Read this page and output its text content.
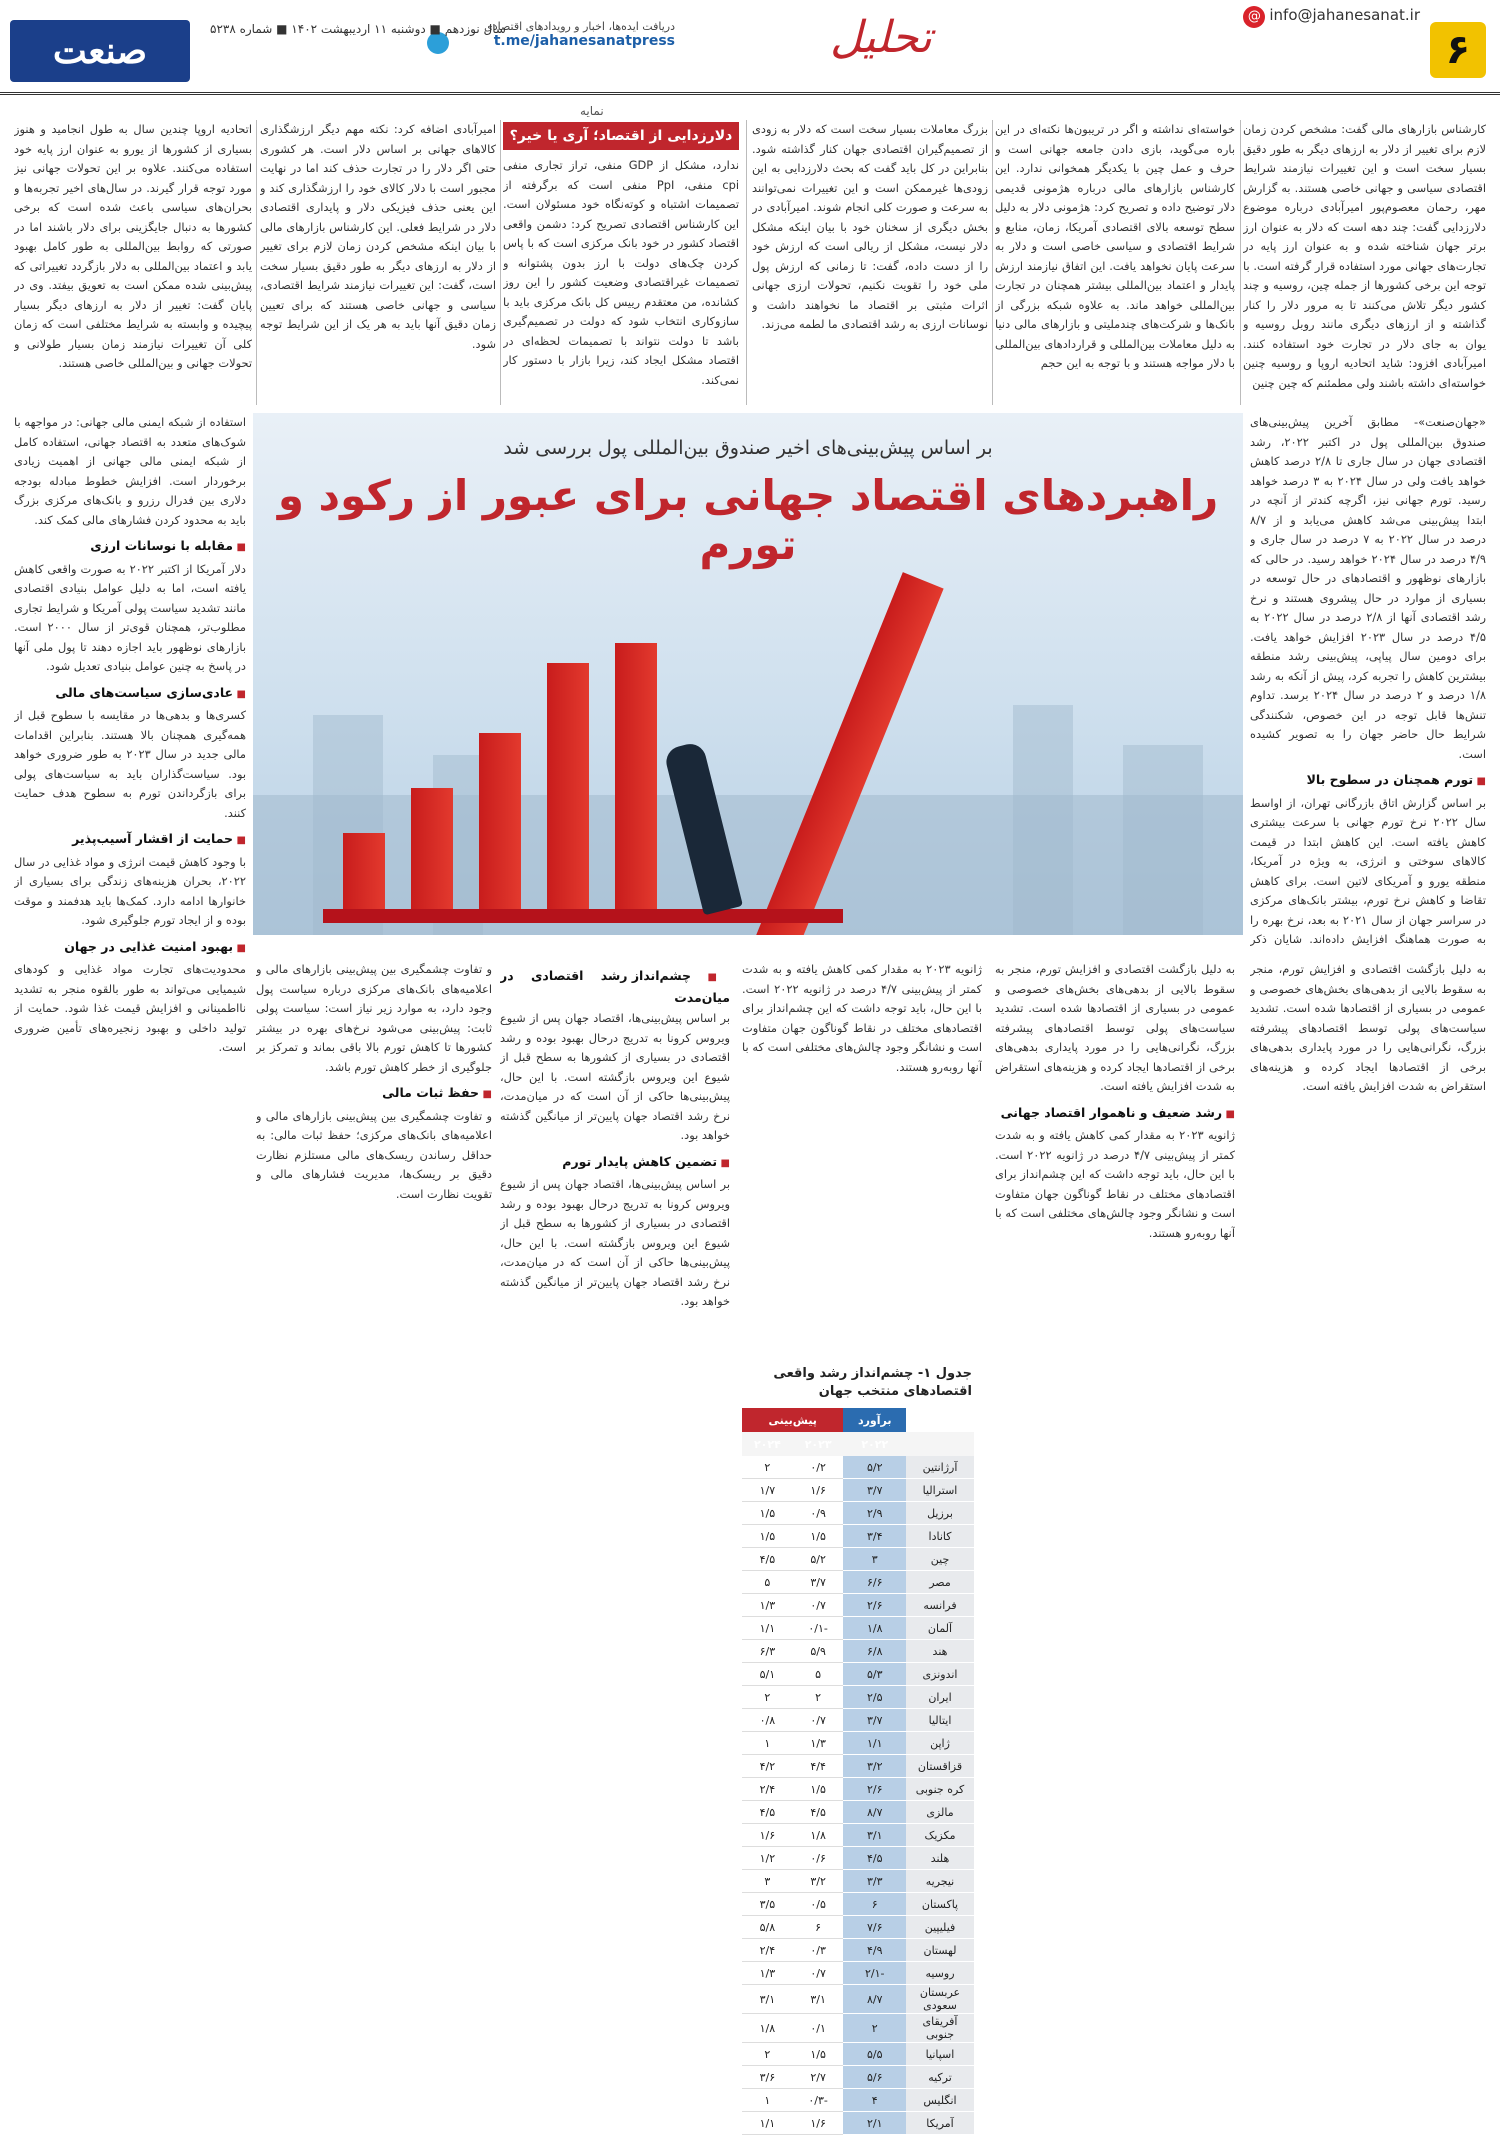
۶
@ info@jahanesanat.ir
تحلیل
دریافت ایده‌ها، اخبار و رویدادهای اقتصادی
t.me/jahanesanatpress
سال نوزدهم ■ دوشنبه ۱۱ اردیبهشت ۱۴۰۲ ■ شماره ۵۲۳۸
صنعت
نمایه
دلارزدایی از اقتصاد؛ آری یا خیر؟	کارشناس بازارهای مالی گفت: مشخص کردن زمان لازم برای تغییر از دلار به ارزهای دیگر به طور دقیق بسیار سخت است و این تغییرات نیازمند شرایط اقتصادی سیاسی و جهانی خاصی هستند. به گزارش مهر، رحمان معصوم‌پور امیرآبادی درباره موضوع دلارزدایی گفت: چند دهه است که دلار به عنوان ارز برتر جهان شناخته شده و به عنوان ارز پایه در تجارت‌های جهانی مورد استفاده قرار گرفته است. با توجه این برخی کشورها از جمله چین، روسیه و چند کشور دیگر تلاش می‌کنند تا به مرور دلار را کنار گذاشته و از ارزهای دیگری مانند روبل روسیه و یوان به جای دلار در تجارت خود استفاده کنند. امیرآبادی افزود: شاید اتحادیه اروپا و روسیه چنین خواسته‌ای داشته باشند ولی مطمئنم که چین چنین

خواسته‌ای نداشته و اگر در تریبون‌ها نکته‌ای در این باره می‌گوید، بازی دادن جامعه جهانی است و حرف و عمل چین با یکدیگر همخوانی ندارد. این کارشناس بازارهای مالی درباره هژمونی قدیمی دلار توضیح داده و تصریح کرد: هژمونی دلار به دلیل سطح توسعه بالای اقتصادی آمریکا، زمان، منابع و شرایط اقتصادی و سیاسی خاصی است و دلار به سرعت پایان نخواهد یافت. این اتفاق نیازمند ارزش پایدار و اعتماد بین‌المللی بیشتر همچنان در تجارت بین‌المللی خواهد ماند. به علاوه شبکه بزرگی از بانک‌ها و شرکت‌های چندملیتی و بازارهای مالی دنیا به دلیل معاملات بین‌المللی و قراردادهای بین‌المللی با دلار مواجه هستند و با توجه به این حجم

بزرگ معاملات بسیار سخت است که دلار به زودی از تصمیم‌گیران اقتصادی جهان کنار گذاشته شود. بنابراین در کل باید گفت که بحث دلارزدایی به این زودی‌ها غیرممکن است و این تغییرات نمی‌توانند به سرعت و صورت کلی انجام شوند. امیرآبادی در بخش دیگری از سخنان خود با بیان اینکه مشکل دلار نیست، مشکل از ریالی است که ارزش خود را از دست داده، گفت: تا زمانی که ارزش پول ملی خود را تقویت نکنیم، تحولات ارزی جهانی اثرات مثبتی بر اقتصاد ما نخواهند داشت و نوسانات ارزی به رشد اقتصادی ما لطمه می‌زند.

ندارد، مشکل از GDP منفی، تراز تجاری منفی cpi منفی، PpI منفی است که برگرفته از تصمیمات اشتباه و کوته‌نگاه خود مسئولان است. این کارشناس اقتصادی تصریح کرد: دشمن واقعی اقتصاد کشور در خود بانک مرکزی است که با پاس کردن چک‌های دولت با ارز بدون پشتوانه و تصمیمات غیراقتصادی وضعیت کشور را این روز کشانده، من معتقدم رییس کل بانک مرکزی باید با سازوکاری انتخاب شود که دولت در تصمیم‌گیری باشد تا دولت نتواند با تصمیمات لحظه‌ای در اقتصاد مشکل ایجاد کند، زیرا بازار با دستور کار نمی‌کند.

امیرآبادی اضافه کرد: نکته مهم دیگر ارزشگذاری کالاهای جهانی بر اساس دلار است. هر کشوری حتی اگر دلار را در تجارت حذف کند اما در نهایت مجبور است با دلار کالای خود را ارزشگذاری کند و این یعنی حذف فیزیکی دلار و پایداری اقتصادی دلار در شرایط فعلی. این کارشناس بازارهای مالی با بیان اینکه مشخص کردن زمان لازم برای تغییر از دلار به ارزهای دیگر به طور دقیق بسیار سخت است، گفت: این تغییرات نیازمند شرایط اقتصادی، سیاسی و جهانی خاصی هستند که برای تعیین زمان دقیق آنها باید به هر یک از این شرایط توجه شود.

اتحادیه اروپا چندین سال به طول انجامید و هنوز بسیاری از کشورها از یورو به عنوان ارز پایه خود استفاده می‌کنند. علاوه بر این تحولات جهانی نیز مورد توجه قرار گیرند. در سال‌های اخیر تجربه‌ها و بحران‌های سیاسی باعث شده است که برخی کشورها به دنبال جایگزینی برای دلار باشند اما در صورتی که روابط بین‌المللی به طور کامل بهبود یابد و اعتماد بین‌المللی به دلار بازگردد تغییراتی که پیش‌بینی شده ممکن است به تعویق بیفتد. وی در پایان گفت: تغییر از دلار به ارزهای دیگر بسیار پیچیده و وابسته به شرایط مختلفی است که زمان کلی آن تغییرات نیازمند زمان بسیار طولانی و تحولات جهانی و بین‌المللی خاصی هستند.

بر اساس پیش‌بینی‌های اخیر صندوق بین‌المللی پول بررسی شد
راهبردهای اقتصاد جهانی برای عبور از رکود و تورم

«جهان‌صنعت»- مطابق آخرین پیش‌بینی‌های صندوق بین‌المللی پول در اکتبر ۲۰۲۲، رشد اقتصادی جهان در سال جاری تا ۲/۸ درصد کاهش خواهد یافت ولی در سال ۲۰۲۴ به ۳ درصد خواهد رسید. تورم جهانی نیز، اگرچه کندتر از آنچه در ابتدا پیش‌بینی می‌شد کاهش می‌یابد و از ۸/۷ درصد در سال ۲۰۲۲ به ۷ درصد در سال جاری و ۴/۹ درصد در سال ۲۰۲۴ خواهد رسید. در حالی که بازارهای نوظهور و اقتصادهای در حال توسعه در بسیاری از موارد در حال پیشروی هستند و نرخ رشد اقتصادی آنها از ۲/۸ درصد در سال ۲۰۲۲ به ۴/۵ درصد در سال ۲۰۲۳ افزایش خواهد یافت. برای دومین سال پیاپی، پیش‌بینی رشد منطقه بیشترین کاهش را تجربه کرد، پیش از آنکه به رشد ۱/۸ درصد و ۲ درصد در سال ۲۰۲۴ برسد. تداوم تنش‌ها قابل توجه در این خصوص، شکنندگی شرایط حال حاضر جهان را به تصویر کشیده است.

■ تورم همچنان در سطوح بالا

بر اساس گزارش اتاق بازرگانی تهران، از اواسط سال ۲۰۲۲ نرخ تورم جهانی با سرعت بیشتری کاهش یافته است. این کاهش ابتدا در قیمت کالاهای سوختی و انرژی، به ویژه در آمریکا، منطقه یورو و آمریکای لاتین است. برای کاهش تقاضا و کاهش نرخ تورم، بیشتر بانک‌های مرکزی در سراسر جهان از سال ۲۰۲۱ به بعد، نرخ بهره را به صورت هماهنگ افزایش داده‌اند. شایان ذکر

استفاده از شبکه ایمنی مالی جهانی: در مواجهه با شوک‌های متعدد به اقتصاد جهانی، استفاده کامل از شبکه ایمنی مالی جهانی از اهمیت زیادی برخوردار است. افزایش خطوط مبادله بودجه دلاری بین فدرال رزرو و بانک‌های مرکزی بزرگ باید به محدود کردن فشارهای مالی کمک کند.

■ مقابله با نوسانات ارزی

دلار آمریکا از اکتبر ۲۰۲۲ به صورت واقعی کاهش یافته است، اما به دلیل عوامل بنیادی اقتصادی مانند تشدید سیاست پولی آمریکا و شرایط تجاری مطلوب‌تر، همچنان قوی‌تر از سال ۲۰۰۰ است. بازارهای نوظهور باید اجازه دهند تا پول ملی آنها در پاسخ به چنین عوامل بنیادی تعدیل شود.

■ عادی‌سازی سیاست‌های مالی

کسری‌ها و بدهی‌ها در مقایسه با سطوح قبل از همه‌گیری همچنان بالا هستند. بنابراین اقدامات مالی جدید در سال ۲۰۲۳ به طور ضروری خواهد بود. سیاست‌گذاران باید به سیاست‌های پولی برای بازگرداندن تورم به سطوح هدف حمایت کنند.

■ حمایت از اقشار آسیب‌پذیر

با وجود کاهش قیمت انرژی و مواد غذایی در سال ۲۰۲۲، بحران هزینه‌های زندگی برای بسیاری از خانوارها ادامه دارد. کمک‌ها باید هدفمند و موقت بوده و از ایجاد تورم جلوگیری شود.

■ بهبود امنیت غذایی در جهان

محدودیت‌های تجارت مواد غذایی و کودهای شیمیایی می‌تواند به طور بالقوه منجر به تشدید نااطمینانی و افزایش قیمت غذا شود. حمایت از تولید داخلی و بهبود زنجیره‌های تأمین ضروری است.

به دلیل بازگشت اقتصادی و افزایش تورم، منجر به سقوط بالایی از بدهی‌های بخش‌های خصوصی و عمومی در بسیاری از اقتصادها شده است. تشدید سیاست‌های پولی توسط اقتصادهای پیشرفته بزرگ، نگرانی‌هایی را در مورد پایداری بدهی‌های برخی از اقتصادها ایجاد کرده و هزینه‌های استقراض به شدت افزایش یافته است.

به دلیل بازگشت اقتصادی و افزایش تورم، منجر به سقوط بالایی از بدهی‌های بخش‌های خصوصی و عمومی در بسیاری از اقتصادها شده است. تشدید سیاست‌های پولی توسط اقتصادهای پیشرفته بزرگ، نگرانی‌هایی را در مورد پایداری بدهی‌های برخی از اقتصادها ایجاد کرده و هزینه‌های استقراض به شدت افزایش یافته است.

■ رشد ضعیف و ناهموار اقتصاد جهانی

ژانویه ۲۰۲۳ به مقدار کمی کاهش یافته و به شدت کمتر از پیش‌بینی ۴/۷ درصد در ژانویه ۲۰۲۲ است. با این حال، باید توجه داشت که این چشم‌انداز برای اقتصادهای مختلف در نقاط گوناگون جهان متفاوت است و نشانگر وجود چالش‌های مختلفی است که با آنها روبه‌رو هستند.

ژانویه ۲۰۲۳ به مقدار کمی کاهش یافته و به شدت کمتر از پیش‌بینی ۴/۷ درصد در ژانویه ۲۰۲۲ است. با این حال، باید توجه داشت که این چشم‌انداز برای اقتصادهای مختلف در نقاط گوناگون جهان متفاوت است و نشانگر وجود چالش‌های مختلفی است که با آنها روبه‌رو هستند.

■ چشم‌انداز رشد اقتصادی در میان‌مدت

بر اساس پیش‌بینی‌ها، اقتصاد جهان پس از شیوع ویروس کرونا به تدریج درحال بهبود بوده و رشد اقتصادی در بسیاری از کشورها به سطح قبل از شیوع این ویروس بازگشته است. با این حال، پیش‌بینی‌ها حاکی از آن است که در میان‌مدت، نرخ رشد اقتصاد جهان پایین‌تر از میانگین گذشته خواهد بود.

■ تضمین کاهش پایدار تورم

بر اساس پیش‌بینی‌ها، اقتصاد جهان پس از شیوع ویروس کرونا به تدریج درحال بهبود بوده و رشد اقتصادی در بسیاری از کشورها به سطح قبل از شیوع این ویروس بازگشته است. با این حال، پیش‌بینی‌ها حاکی از آن است که در میان‌مدت، نرخ رشد اقتصاد جهان پایین‌تر از میانگین گذشته خواهد بود.

و تفاوت چشمگیری بین پیش‌بینی بازارهای مالی و اعلامیه‌های بانک‌های مرکزی درباره سیاست پول وجود دارد، به موارد زیر نیاز است: سیاست پولی ثابت: پیش‌بینی می‌شود نرخ‌های بهره در بیشتر کشورها تا کاهش تورم بالا باقی بماند و تمرکز بر جلوگیری از خطر کاهش تورم باشد.

■ حفظ ثبات مالی

و تفاوت چشمگیری بین پیش‌بینی بازارهای مالی و اعلامیه‌های بانک‌های مرکزی؛ حفظ ثبات مالی: به حداقل رساندن ریسک‌های مالی مستلزم نظارت دقیق بر ریسک‌ها، مدیریت فشارهای مالی و تقویت نظارت است.

جدول ۱- چشم‌انداز رشد واقعی اقتصادهای منتخب جهان
	برآورد	پیش‌بینی	
	۲۰۲۲	۲۰۲۳	۲۰۲۴
آرژانتین	۵/۲	۰/۲	۲
استرالیا	۳/۷	۱/۶	۱/۷
برزیل	۲/۹	۰/۹	۱/۵
کانادا	۳/۴	۱/۵	۱/۵
چین	۳	۵/۲	۴/۵
مصر	۶/۶	۳/۷	۵
فرانسه	۲/۶	۰/۷	۱/۳
آلمان	۱/۸	-۰/۱	۱/۱
هند	۶/۸	۵/۹	۶/۳
اندونزی	۵/۳	۵	۵/۱
ایران	۲/۵	۲	۲
ایتالیا	۳/۷	۰/۷	۰/۸
ژاپن	۱/۱	۱/۳	۱
قزاقستان	۳/۲	۴/۴	۴/۲
کره جنوبی	۲/۶	۱/۵	۲/۴
مالزی	۸/۷	۴/۵	۴/۵
مکزیک	۳/۱	۱/۸	۱/۶
هلند	۴/۵	۰/۶	۱/۲
نیجریه	۳/۳	۳/۲	۳
پاکستان	۶	۰/۵	۳/۵
فیلیپین	۷/۶	۶	۵/۸
لهستان	۴/۹	۰/۳	۲/۴
روسیه	-۲/۱	۰/۷	۱/۳
عربستان سعودی	۸/۷	۳/۱	۳/۱
آفریقای جنوبی	۲	۰/۱	۱/۸
اسپانیا	۵/۵	۱/۵	۲
ترکیه	۵/۶	۲/۷	۳/۶
انگلیس	۴	-۰/۳	۱
آمریکا	۲/۱	۱/۶	۱/۱
